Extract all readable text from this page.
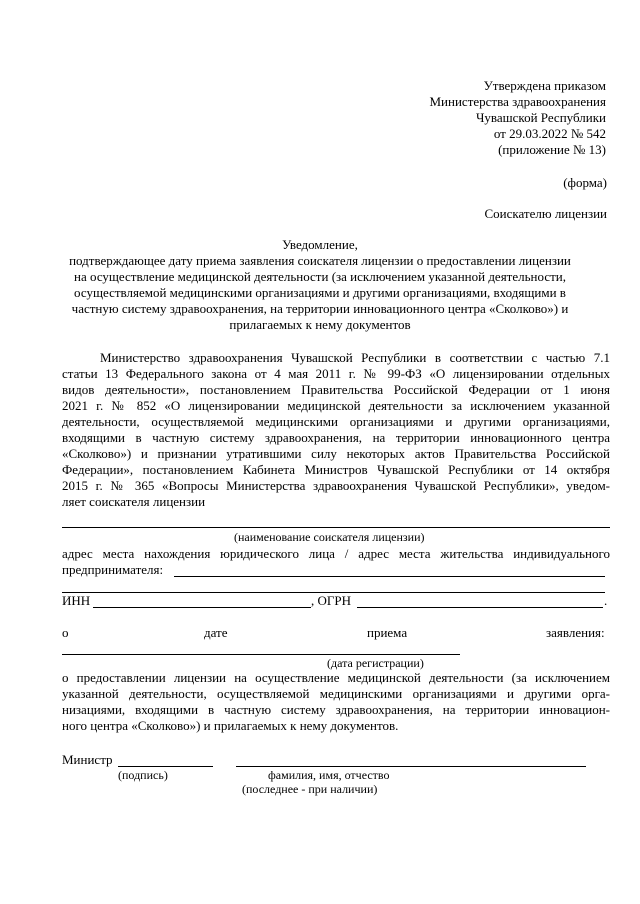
Утверждена приказом
Министерства здравоохранения
Чувашской Республики
от 29.03.2022 № 542
(приложение № 13)
(форма)
Соискателю лицензии
Уведомление,
подтверждающее дату приема заявления соискателя лицензии о предоставлении лицензии
на осуществление медицинской деятельности (за исключением указанной деятельности,
осуществляемой медицинскими организациями и другими организациями, входящими в
частную систему здравоохранения, на территории инновационного центра «Сколково») и
прилагаемых к нему документов
Министерство здравоохранения Чувашской Республики в соответствии с частью 7.1
статьи 13 Федерального закона от 4 мая 2011 г. № 99-ФЗ «О лицензировании отдельных
видов деятельности», постановлением Правительства Российской Федерации от 1 июня
2021 г. № 852 «О лицензировании медицинской деятельности за исключением указанной
деятельности, осуществляемой медицинскими организациями и другими организациями,
входящими в частную систему здравоохранения, на территории инновационного центра
«Сколково») и признании утратившими силу некоторых актов Правительства Российской
Федерации», постановлением Кабинета Министров Чувашской Республики от 14 октября
2015 г. № 365 «Вопросы Министерства здравоохранения Чувашской Республики», уведом-
ляет соискателя лицензии
(наименование соискателя лицензии)
адрес места нахождения юридического лица / адрес места жительства индивидуального
предпринимателя:
ИНН	, ОГРН	.
о	дате	приема	заявления:
(дата регистрации)
о предоставлении лицензии на осуществление медицинской деятельности (за исключением
указанной деятельности, осуществляемой медицинскими организациями и другими орга-
низациями, входящими в частную систему здравоохранения, на территории инновацион-
ного центра «Сколково») и прилагаемых к нему документов.
Министр
(подпись)	фамилия, имя, отчество
(последнее - при наличии)
